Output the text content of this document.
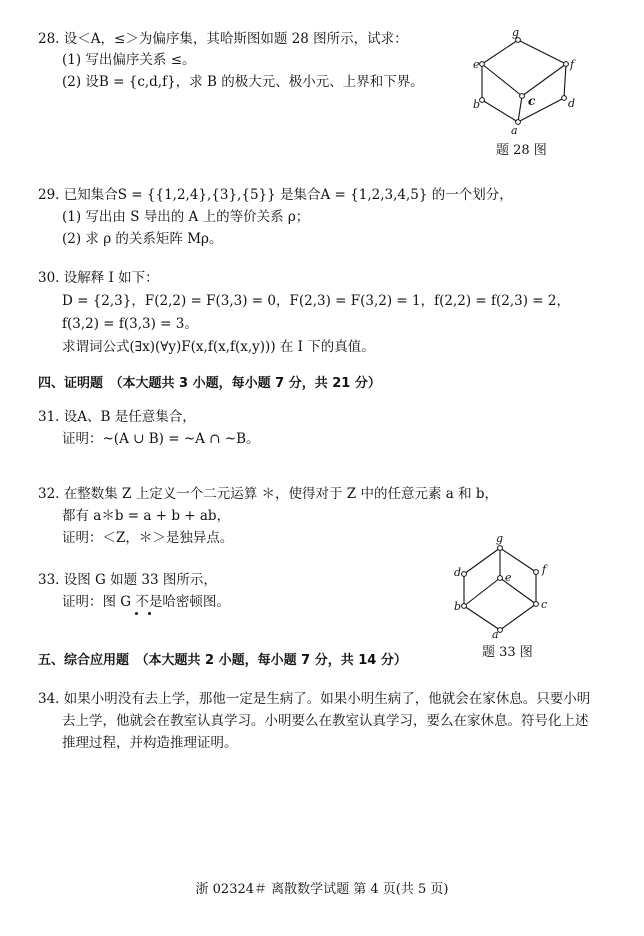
28. 设＜A，≤＞为偏序集，其哈斯图如题 28 图所示，试求：
(1) 写出偏序关系 ≤。
(2) 设B = {c,d,f}，求 B 的极大元、极小元、上界和下界。
g
e	f
c
b	d
a
题 28 图
29. 已知集合S = {{1,2,4},{3},{5}} 是集合A = {1,2,3,4,5} 的一个划分，
(1) 写出由 S 导出的 A 上的等价关系 ρ；
(2) 求 ρ 的关系矩阵 Mρ。
30. 设解释 I 如下：
D = {2,3}，F(2,2) = F(3,3) = 0，F(2,3) = F(3,2) = 1，f(2,2) = f(2,3) = 2，
f(3,2) = f(3,3) = 3。
求谓词公式(∃x)(∀y)F(x,f(x,f(x,y))) 在 I 下的真值。
四、证明题　（本大题共 3 小题，每小题 7 分，共 21 分）
31. 设A、B 是任意集合，
证明：~(A ∪ B) = ~A ∩ ~B。
32. 在整数集 Z 上定义一个二元运算 ＊，使得对于 Z 中的任意元素 a 和 b，
都有 a＊b = a + b + ab，
证明：＜Z，＊＞是独异点。
33. 设图 G 如题 33 图所示，
证明：图 G 不是哈密顿图。
g
d	e
f
b	c
a
题 33 图
五、综合应用题　（本大题共 2 小题，每小题 7 分，共 14 分）
34. 如果小明没有去上学，那他一定是生病了。如果小明生病了，他就会在家休息。只要小明
去上学，他就会在教室认真学习。小明要么在教室认真学习，要么在家休息。符号化上述
推理过程，并构造推理证明。
浙 02324＃ 离散数学试题 第 4 页(共 5 页)
